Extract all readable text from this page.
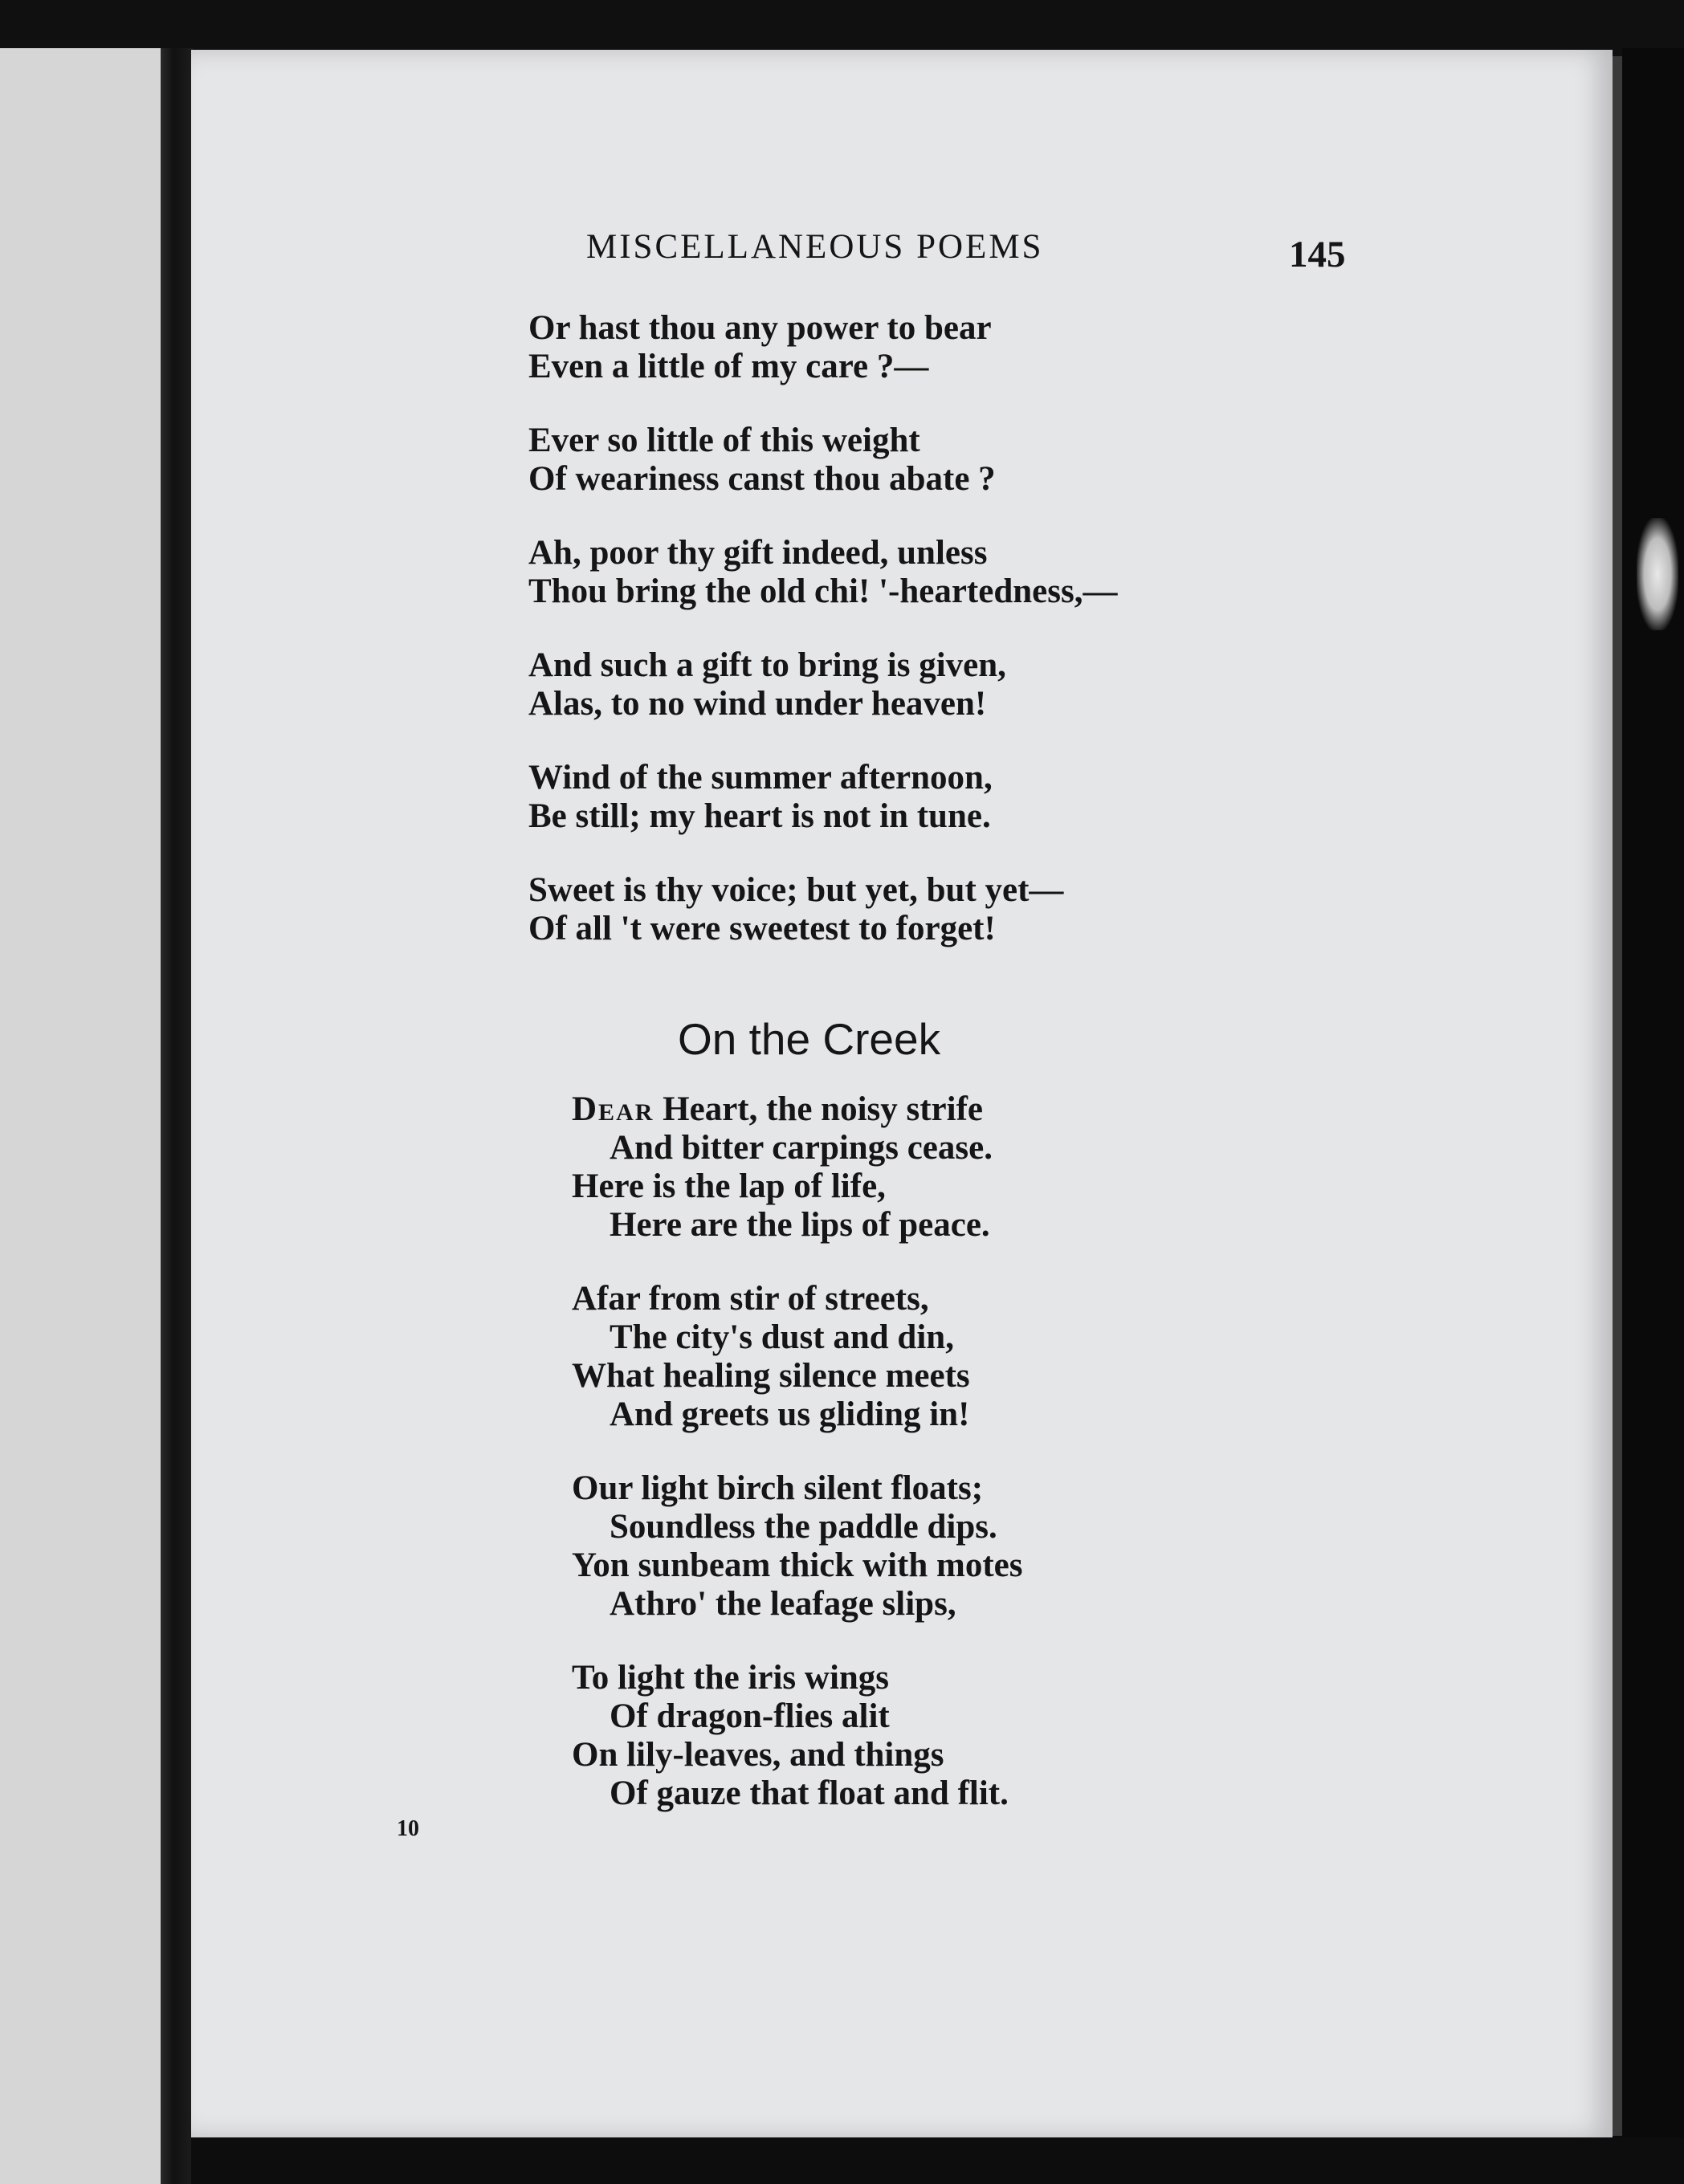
MISCELLANEOUS POEMS	145
Or hast thou any power to bear
Even a little of my care ?—
Ever so little of this weight
Of weariness canst thou abate ?
Ah, poor thy gift indeed, unless
Thou bring the old chi! '-heartedness,—
And such a gift to bring is given,
Alas, to no wind under heaven!
Wind of the summer afternoon,
Be still; my heart is not in tune.
Sweet is thy voice; but yet, but yet—
Of all 't were sweetest to forget!
On the Creek
Dear Heart, the noisy strife
And bitter carpings cease.
Here is the lap of life,
Here are the lips of peace.
Afar from stir of streets,
The city's dust and din,
What healing silence meets
And greets us gliding in!
Our light birch silent floats;
Soundless the paddle dips.
Yon sunbeam thick with motes
Athro' the leafage slips,
To light the iris wings
Of dragon-flies alit
On lily-leaves, and things
Of gauze that float and flit.
10
